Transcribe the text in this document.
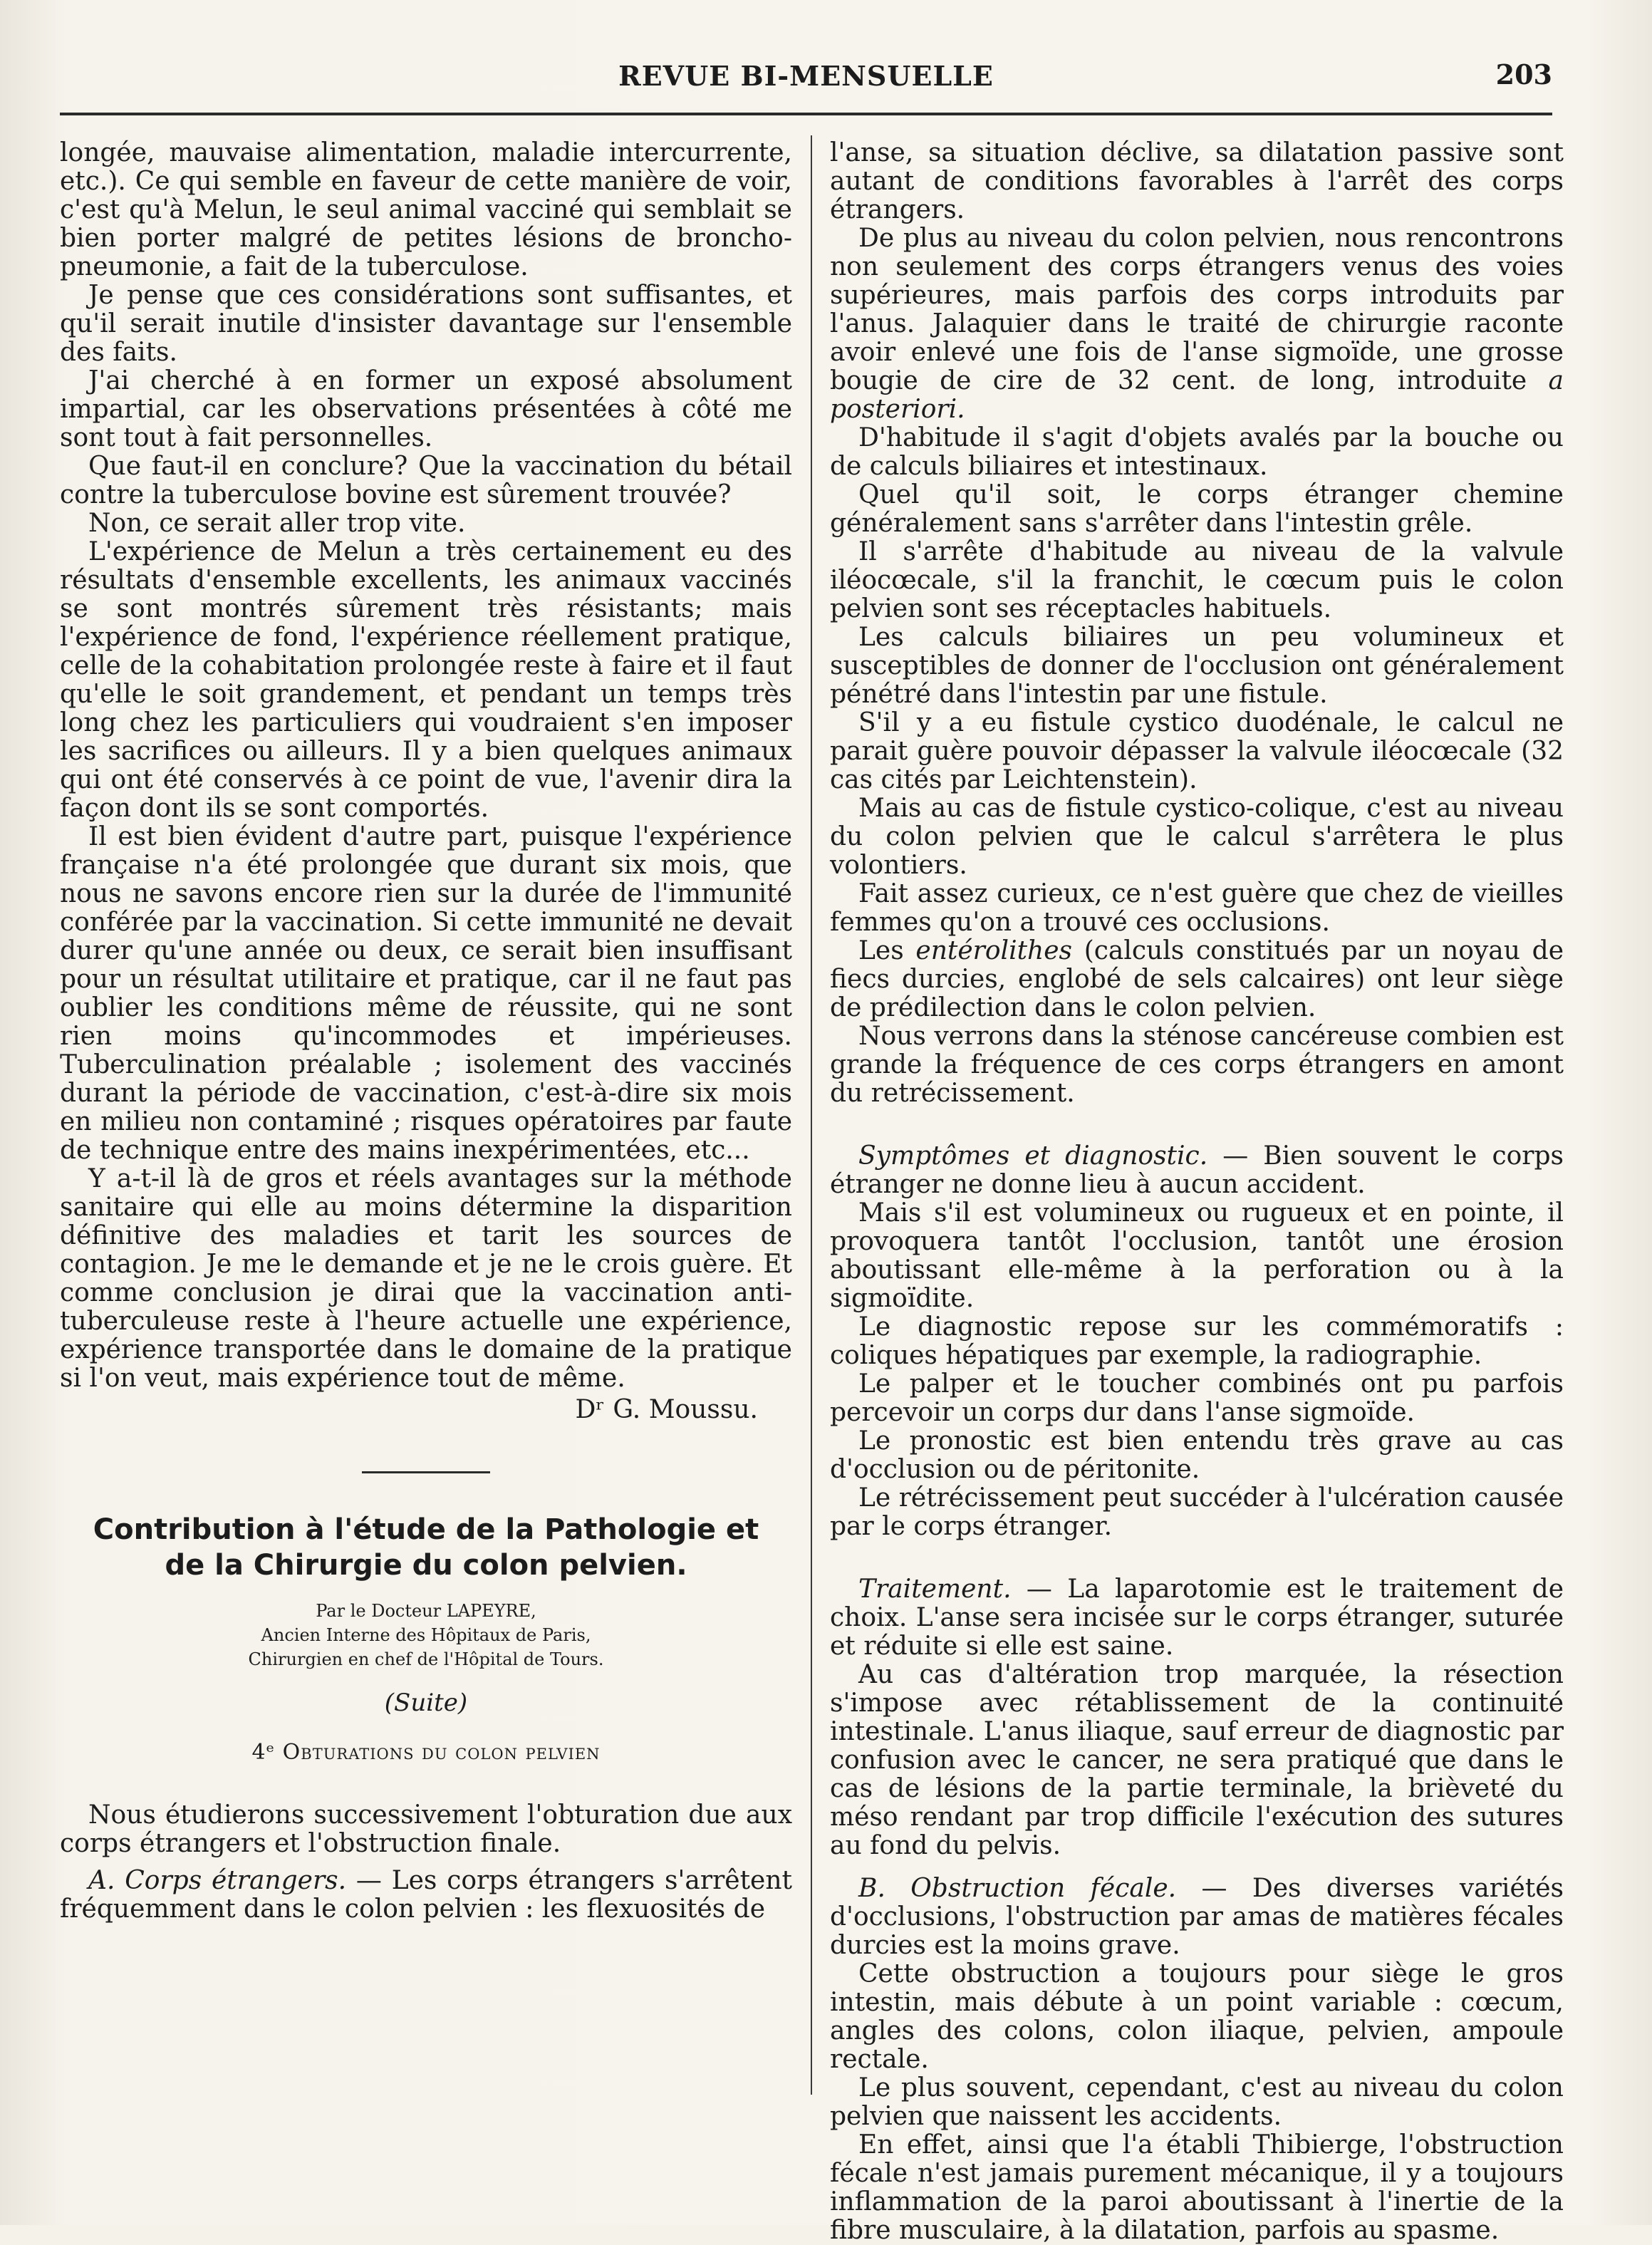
REVUE BI-MENSUELLE	203

longée, mauvaise alimentation, maladie intercurrente, etc.). Ce qui semble en faveur de cette manière de voir, c'est qu'à Melun, le seul animal vacciné qui semblait se bien porter malgré de petites lésions de broncho-pneumonie, a fait de la tuberculose.

Je pense que ces considérations sont suffisantes, et qu'il serait inutile d'insister davantage sur l'ensemble des faits.

J'ai cherché à en former un exposé absolument impartial, car les observations présentées à côté me sont tout à fait personnelles.

Que faut-il en conclure? Que la vaccination du bétail contre la tuberculose bovine est sûrement trouvée?

Non, ce serait aller trop vite.

L'expérience de Melun a très certainement eu des résultats d'ensemble excellents, les animaux vaccinés se sont montrés sûrement très résistants; mais l'expérience de fond, l'expérience réellement pratique, celle de la cohabitation prolongée reste à faire et il faut qu'elle le soit grandement, et pendant un temps très long chez les particuliers qui voudraient s'en imposer les sacrifices ou ailleurs. Il y a bien quelques animaux qui ont été conservés à ce point de vue, l'avenir dira la façon dont ils se sont comportés.

Il est bien évident d'autre part, puisque l'expérience française n'a été prolongée que durant six mois, que nous ne savons encore rien sur la durée de l'immunité conférée par la vaccination. Si cette immunité ne devait durer qu'une année ou deux, ce serait bien insuffisant pour un résultat utilitaire et pratique, car il ne faut pas oublier les conditions même de réussite, qui ne sont rien moins qu'incommodes et impérieuses. Tuberculination préalable ; isolement des vaccinés durant la période de vaccination, c'est-à-dire six mois en milieu non contaminé ; risques opératoires par faute de technique entre des mains inexpérimentées, etc...

Y a-t-il là de gros et réels avantages sur la méthode sanitaire qui elle au moins détermine la disparition définitive des maladies et tarit les sources de contagion. Je me le demande et je ne le crois guère. Et comme conclusion je dirai que la vaccination anti-tuberculeuse reste à l'heure actuelle une expérience, expérience transportée dans le domaine de la pratique si l'on veut, mais expérience tout de même.

Dʳ G. Moussu.
Contribution à l'étude de la Pathologie et
de la Chirurgie du colon pelvien.
Par le Docteur LAPEYRE,
Ancien Interne des Hôpitaux de Paris,
Chirurgien en chef de l'Hôpital de Tours.
(Suite)
4ᵉ Obturations du colon pelvien

Nous étudierons successivement l'obturation due aux corps étrangers et l'obstruction finale.

A. Corps étrangers. — Les corps étrangers s'arrêtent fréquemment dans le colon pelvien : les flexuosités de

l'anse, sa situation déclive, sa dilatation passive sont autant de conditions favorables à l'arrêt des corps étrangers.

De plus au niveau du colon pelvien, nous rencontrons non seulement des corps étrangers venus des voies supérieures, mais parfois des corps introduits par l'anus. Jalaquier dans le traité de chirurgie raconte avoir enlevé une fois de l'anse sigmoïde, une grosse bougie de cire de 32 cent. de long, introduite a posteriori.

D'habitude il s'agit d'objets avalés par la bouche ou de calculs biliaires et intestinaux.

Quel qu'il soit, le corps étranger chemine généralement sans s'arrêter dans l'intestin grêle.

Il s'arrête d'habitude au niveau de la valvule iléocœcale, s'il la franchit, le cœcum puis le colon pelvien sont ses réceptacles habituels.

Les calculs biliaires un peu volumineux et susceptibles de donner de l'occlusion ont généralement pénétré dans l'intestin par une fistule.

S'il y a eu fistule cystico duodénale, le calcul ne parait guère pouvoir dépasser la valvule iléocœcale (32 cas cités par Leichtenstein).

Mais au cas de fistule cystico-colique, c'est au niveau du colon pelvien que le calcul s'arrêtera le plus volontiers.

Fait assez curieux, ce n'est guère que chez de vieilles femmes qu'on a trouvé ces occlusions.

Les entérolithes (calculs constitués par un noyau de fiecs durcies, englobé de sels calcaires) ont leur siège de prédilection dans le colon pelvien.

Nous verrons dans la sténose cancéreuse combien est grande la fréquence de ces corps étrangers en amont du retrécissement.

Symptômes et diagnostic. — Bien souvent le corps étranger ne donne lieu à aucun accident.

Mais s'il est volumineux ou rugueux et en pointe, il provoquera tantôt l'occlusion, tantôt une érosion aboutissant elle-même à la perforation ou à la sigmoïdite.

Le diagnostic repose sur les commémoratifs : coliques hépatiques par exemple, la radiographie.

Le palper et le toucher combinés ont pu parfois percevoir un corps dur dans l'anse sigmoïde.

Le pronostic est bien entendu très grave au cas d'occlusion ou de péritonite.

Le rétrécissement peut succéder à l'ulcération causée par le corps étranger.

Traitement. — La laparotomie est le traitement de choix. L'anse sera incisée sur le corps étranger, suturée et réduite si elle est saine.

Au cas d'altération trop marquée, la résection s'impose avec rétablissement de la continuité intestinale. L'anus iliaque, sauf erreur de diagnostic par confusion avec le cancer, ne sera pratiqué que dans le cas de lésions de la partie terminale, la brièveté du méso rendant par trop difficile l'exécution des sutures au fond du pelvis.

B. Obstruction fécale. — Des diverses variétés d'occlusions, l'obstruction par amas de matières fécales durcies est la moins grave.

Cette obstruction a toujours pour siège le gros intestin, mais débute à un point variable : cœcum, angles des colons, colon iliaque, pelvien, ampoule rectale.

Le plus souvent, cependant, c'est au niveau du colon pelvien que naissent les accidents.

En effet, ainsi que l'a établi Thibierge, l'obstruction fécale n'est jamais purement mécanique, il y a toujours inflammation de la paroi aboutissant à l'inertie de la fibre musculaire, à la dilatation, parfois au spasme.
